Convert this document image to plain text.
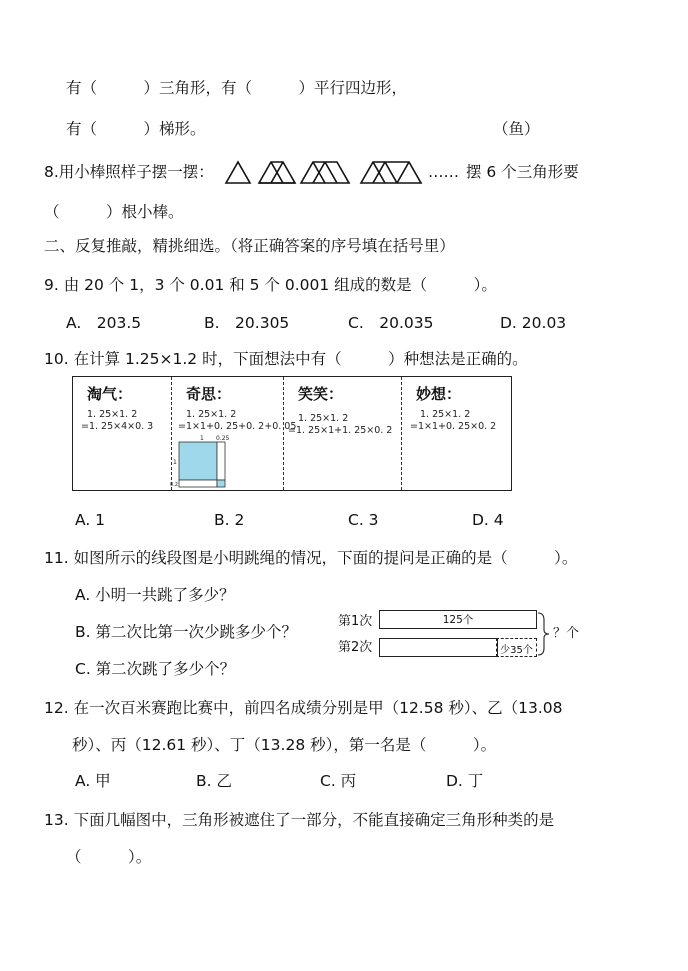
有（　　　）三角形，有（　　　）平行四边形，
有（　　　）梯形。	（鱼）
8.用小棒照样子摆一摆：	…… 摆 6 个三角形要
（　　　）根小棒。
二、反复推敲，精挑细选。（将正确答案的序号填在括号里）
9. 由 20 个 1，3 个 0.01 和 5 个 0.001 组成的数是（　　　）。
A.　203.5	B.　20.305	C.　20.035	D. 20.03
10. 在计算 1.25×1.2 时，下面想法中有（　　　）种想法是正确的。
淘气：
1. 25×1. 2
=1. 25×4×0. 3
奇思：
1. 25×1. 2
=1×1+0. 25+0. 2+0. 05
1 0.25
1
0.2
笑笑：
1. 25×1. 2
=1. 25×1+1. 25×0. 2
妙想：
1. 25×1. 2
=1×1+0. 25×0. 2
A. 1	B. 2	C. 3	D. 4
11. 如图所示的线段图是小明跳绳的情况，下面的提问是正确的是（　　　）。
A. 小明一共跳了多少？
B. 第二次比第一次少跳多少个？
C. 第二次跳了多少个？
第1次
第2次
125个
少35个
？个
12. 在一次百米赛跑比赛中，前四名成绩分别是甲（12.58 秒）、乙（13.08
秒）、丙（12.61 秒）、丁（13.28 秒），第一名是（　　　）。
A. 甲	B. 乙	C. 丙	D. 丁
13. 下面几幅图中，三角形被遮住了一部分，不能直接确定三角形种类的是
（　　　）。
